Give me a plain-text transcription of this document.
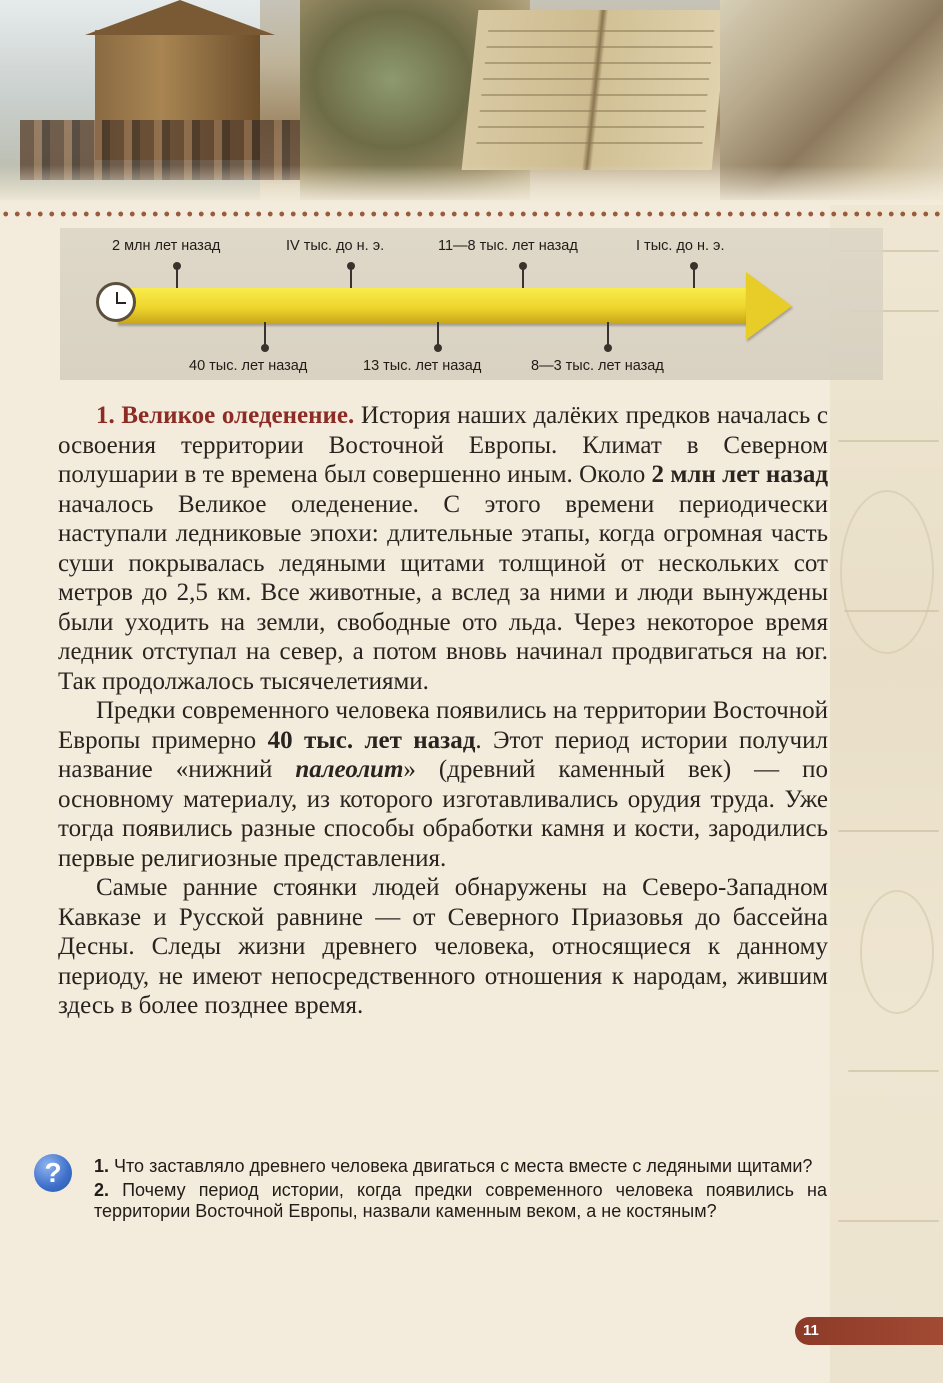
2 млн лет назад	IV тыс. до н. э.	11—8 тыс. лет назад	I тыс. до н. э.
40 тыс. лет назад	13 тыс. лет назад	8—3 тыс. лет назад

1. Великое оледенение. История наших далёких предков началась с освоения территории Восточной Европы. Климат в Северном полушарии в те времена был совершенно иным. Около 2 млн лет назад началось Великое оледенение. С этого времени периодически наступали ледниковые эпохи: длительные этапы, когда огромная часть суши покрывалась ледяными щитами толщиной от нескольких сот метров до 2,5 км. Все животные, а вслед за ними и люди вынуждены были уходить на земли, свободные ото льда. Через некоторое время ледник отступал на север, а потом вновь начинал продвигаться на юг. Так продолжалось тысячелетиями.

Предки современного человека появились на территории Восточной Европы примерно 40 тыс. лет назад. Этот период истории получил название «нижний палеолит» (древний каменный век) — по основному материалу, из которого изготавливались орудия труда. Уже тогда появились разные способы обработки камня и кости, зародились первые религиозные представления.

Самые ранние стоянки людей обнаружены на Северо-Западном Кавказе и Русской равнине — от Северного Приазовья до бассейна Десны. Следы жизни древнего человека, относящиеся к данному периоду, не имеют непосредственного отношения к народам, жившим здесь в более позднее время.

?	1. Что заставляло древнего человека двигаться с места вместе с ледяными щитами?

2. Почему период истории, когда предки современного человека появились на территории Восточной Европы, назвали каменным веком, а не костяным?

11
